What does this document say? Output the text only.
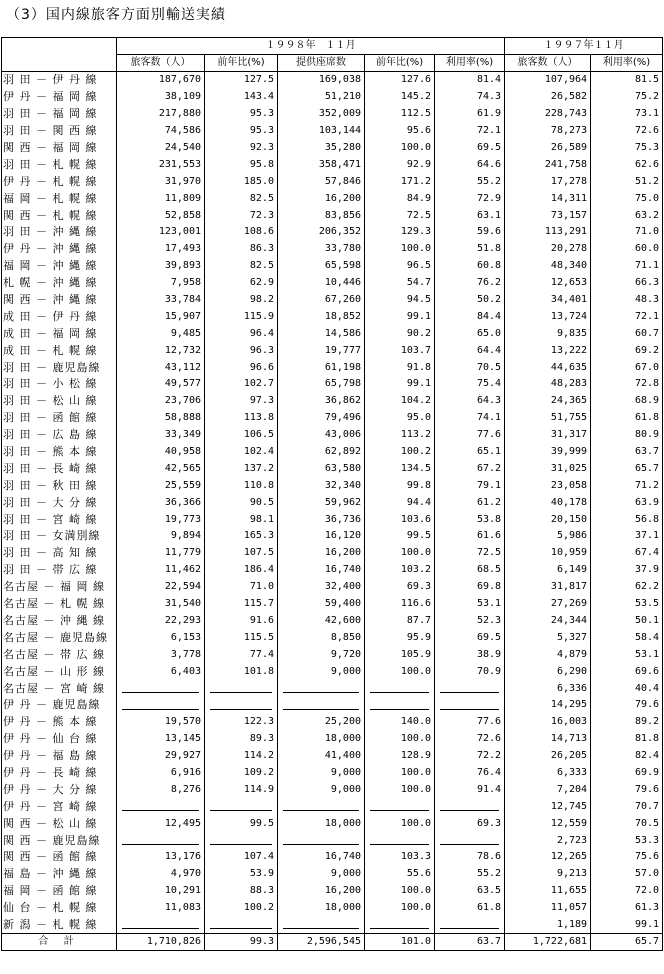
（3）国内線旅客方面別輸送実績
	１９９８年　１１月					１９９７年１１月	
	旅客数（人）	前年比(%)	提供座席数	前年比(%)	利用率(%)	旅客数（人）	利用率(%)
羽 田 － 伊 丹 線	187,670	127.5	169,038	127.6	81.4	107,964	81.5
伊 丹 － 福 岡 線	38,109	143.4	51,210	145.2	74.3	26,582	75.2
羽 田 － 福 岡 線	217,880	95.3	352,009	112.5	61.9	228,743	73.1
羽 田 － 関 西 線	74,586	95.3	103,144	95.6	72.1	78,273	72.6
関 西 － 福 岡 線	24,540	92.3	35,280	100.0	69.5	26,589	75.3
羽 田 － 札 幌 線	231,553	95.8	358,471	92.9	64.6	241,758	62.6
伊 丹 － 札 幌 線	31,970	185.0	57,846	171.2	55.2	17,278	51.2
福 岡 － 札 幌 線	11,809	82.5	16,200	84.9	72.9	14,311	75.0
関 西 － 札 幌 線	52,858	72.3	83,856	72.5	63.1	73,157	63.2
羽 田 － 沖 縄 線	123,001	108.6	206,352	129.3	59.6	113,291	71.0
伊 丹 － 沖 縄 線	17,493	86.3	33,780	100.0	51.8	20,278	60.0
福 岡 － 沖 縄 線	39,893	82.5	65,598	96.5	60.8	48,340	71.1
札 幌 － 沖 縄 線	7,958	62.9	10,446	54.7	76.2	12,653	66.3
関 西 － 沖 縄 線	33,784	98.2	67,260	94.5	50.2	34,401	48.3
成 田 － 伊 丹 線	15,907	115.9	18,852	99.1	84.4	13,724	72.1
成 田 － 福 岡 線	9,485	96.4	14,586	90.2	65.0	9,835	60.7
成 田 － 札 幌 線	12,732	96.3	19,777	103.7	64.4	13,222	69.2
羽 田 － 鹿児島線	43,112	96.6	61,198	91.8	70.5	44,635	67.0
羽 田 － 小 松 線	49,577	102.7	65,798	99.1	75.4	48,283	72.8
羽 田 － 松 山 線	23,706	97.3	36,862	104.2	64.3	24,365	68.9
羽 田 － 函 館 線	58,888	113.8	79,496	95.0	74.1	51,755	61.8
羽 田 － 広 島 線	33,349	106.5	43,006	113.2	77.6	31,317	80.9
羽 田 － 熊 本 線	40,958	102.4	62,892	100.2	65.1	39,999	63.7
羽 田 － 長 崎 線	42,565	137.2	63,580	134.5	67.2	31,025	65.7
羽 田 － 秋 田 線	25,559	110.8	32,340	99.8	79.1	23,058	71.2
羽 田 － 大 分 線	36,366	90.5	59,962	94.4	61.2	40,178	63.9
羽 田 － 宮 崎 線	19,773	98.1	36,736	103.6	53.8	20,150	56.8
羽 田 － 女満別線	9,894	165.3	16,120	99.5	61.6	5,986	37.1
羽 田 － 高 知 線	11,779	107.5	16,200	100.0	72.5	10,959	67.4
羽 田 － 帯 広 線	11,462	186.4	16,740	103.2	68.5	6,149	37.9
名古屋 － 福 岡 線	22,594	71.0	32,400	69.3	69.8	31,817	62.2
名古屋 － 札 幌 線	31,540	115.7	59,400	116.6	53.1	27,269	53.5
名古屋 － 沖 縄 線	22,293	91.6	42,600	87.7	52.3	24,344	50.1
名古屋 － 鹿児島線	6,153	115.5	8,850	95.9	69.5	5,327	58.4
名古屋 － 帯 広 線	3,778	77.4	9,720	105.9	38.9	4,879	53.1
名古屋 － 山 形 線	6,403	101.8	9,000	100.0	70.9	6,290	69.6
名古屋 － 宮 崎 線						6,336	40.4
伊 丹 － 鹿児島線						14,295	79.6
伊 丹 － 熊 本 線	19,570	122.3	25,200	140.0	77.6	16,003	89.2
伊 丹 － 仙 台 線	13,145	89.3	18,000	100.0	72.6	14,713	81.8
伊 丹 － 福 島 線	29,927	114.2	41,400	128.9	72.2	26,205	82.4
伊 丹 － 長 崎 線	6,916	109.2	9,000	100.0	76.4	6,333	69.9
伊 丹 － 大 分 線	8,276	114.9	9,000	100.0	91.4	7,204	79.6
伊 丹 － 宮 崎 線						12,745	70.7
関 西 － 松 山 線	12,495	99.5	18,000	100.0	69.3	12,559	70.5
関 西 － 鹿児島線						2,723	53.3
関 西 － 函 館 線	13,176	107.4	16,740	103.3	78.6	12,265	75.6
福 島 － 沖 縄 線	4,970	53.9	9,000	55.6	55.2	9,213	57.0
福 岡 － 函 館 線	10,291	88.3	16,200	100.0	63.5	11,655	72.0
仙 台 － 札 幌 線	11,083	100.2	18,000	100.0	61.8	11,057	61.3
新 潟 － 札 幌 線						1,189	99.1
合 計	1,710,826	99.3	2,596,545	101.0	63.7	1,722,681	65.7
